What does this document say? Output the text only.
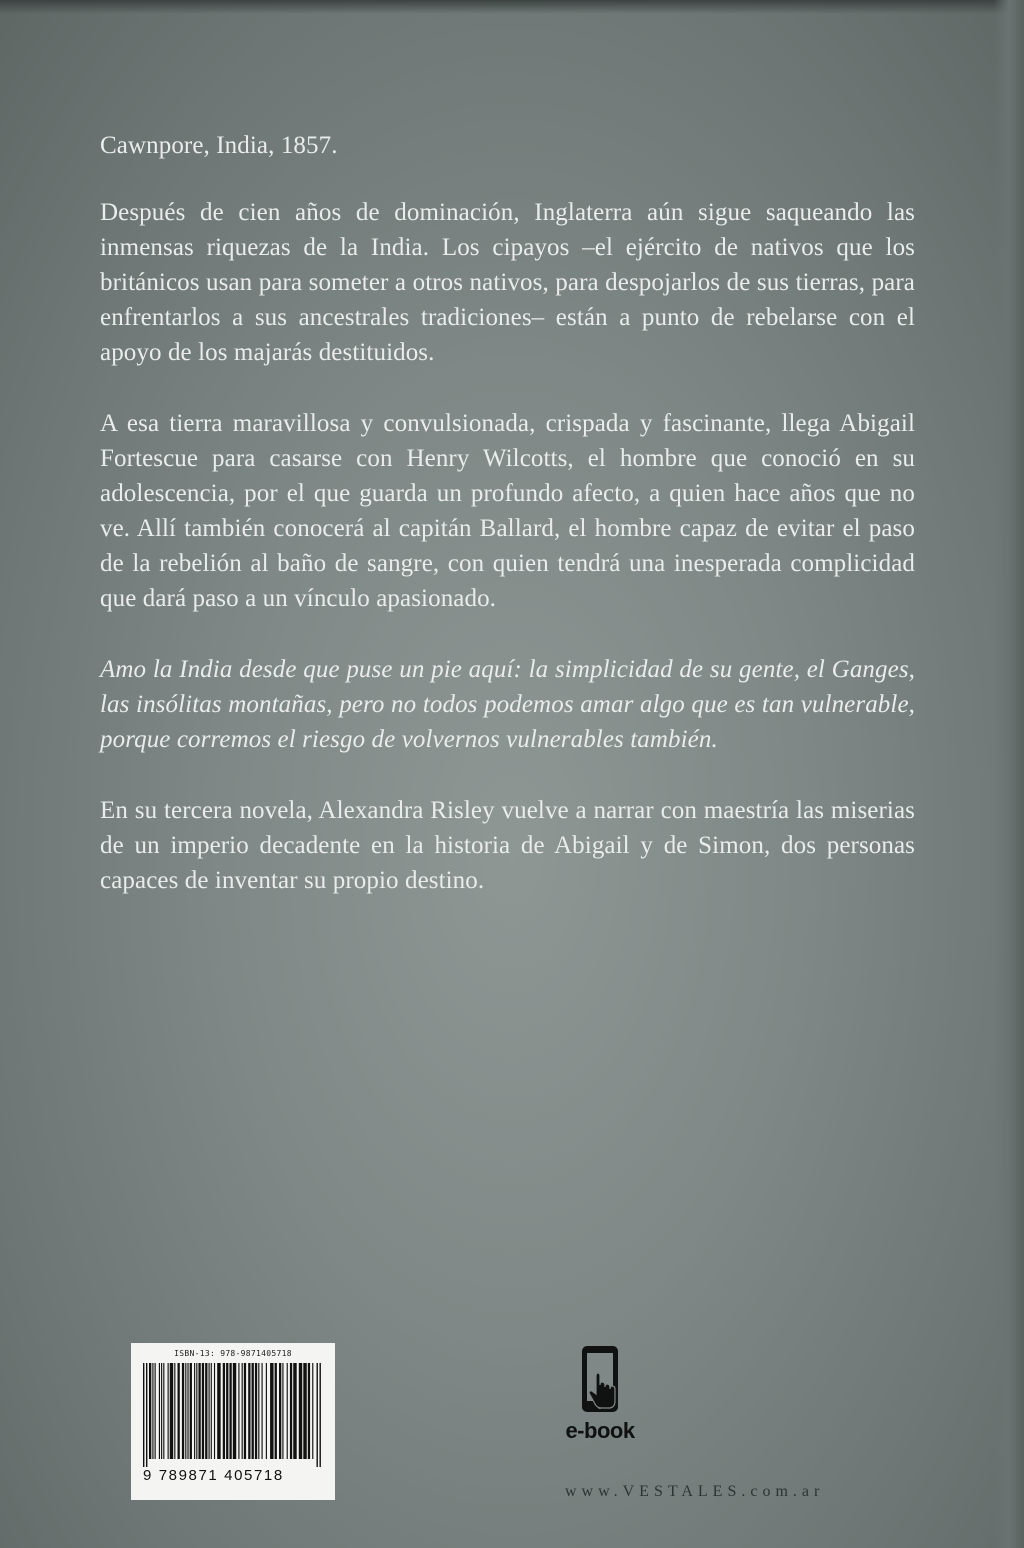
Cawnpore, India, 1857.

Después de cien años de dominación, Inglaterra aún sigue saqueando las inmensas riquezas de la India. Los cipayos –el ejército de nativos que los británicos usan para someter a otros nativos, para despojarlos de sus tierras, para enfrentarlos a sus ancestrales tradiciones– están a punto de rebelarse con el apoyo de los majarás destituidos.

A esa tierra maravillosa y convulsionada, crispada y fascinante, llega Abigail Fortescue para casarse con Henry Wilcotts, el hombre que conoció en su adolescencia, por el que guarda un profundo afecto, a quien hace años que no ve. Allí también conocerá al capitán Ballard, el hombre capaz de evitar el paso de la rebelión al baño de sangre, con quien tendrá una inesperada complicidad que dará paso a un vínculo apasionado.

Amo la India desde que puse un pie aquí: la simplicidad de su gente, el Ganges, las insólitas montañas, pero no todos podemos amar algo que es tan vulnerable, porque corremos el riesgo de volvernos vulnerables también.

En su tercera novela, Alexandra Risley vuelve a narrar con maestría las miserias de un imperio decadente en la historia de Abigail y de Simon, dos personas capaces de inventar su propio destino.

ISBN-13: 978-9871405718
9 789871 405718
e-book
www.VESTALES.com.ar
